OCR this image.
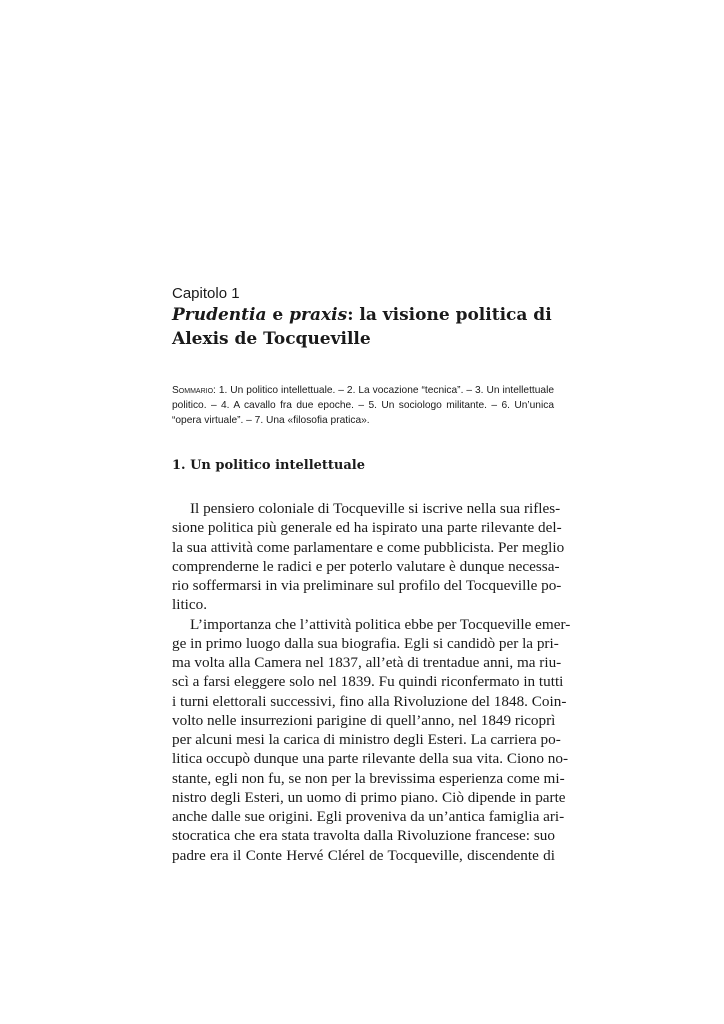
Capitolo 1
Prudentia e praxis: la visione politica di Alexis de Tocqueville

Sommario: 1. Un politico intellettuale. – 2. La vocazione “tecnica”. – 3. Un intellettuale politico. – 4. A cavallo fra due epoche. – 5. Un sociologo militante. – 6. Un’unica “opera virtuale”. – 7. Una «filosofia pratica».

1. Un politico intellettuale

Il pensiero coloniale di Tocqueville si iscrive nella sua rifles-
sione politica più generale ed ha ispirato una parte rilevante del-
la sua attività come parlamentare e come pubblicista. Per meglio
comprenderne le radici e per poterlo valutare è dunque necessa-
rio soffermarsi in via preliminare sul profilo del Tocqueville po-
litico.

L’importanza che l’attività politica ebbe per Tocqueville emer-
ge in primo luogo dalla sua biografia. Egli si candidò per la pri-
ma volta alla Camera nel 1837, all’età di trentadue anni, ma riu-
scì a farsi eleggere solo nel 1839. Fu quindi riconfermato in tutti
i turni elettorali successivi, fino alla Rivoluzione del 1848. Coin-
volto nelle insurrezioni parigine di quell’anno, nel 1849 ricoprì
per alcuni mesi la carica di ministro degli Esteri. La carriera po-
litica occupò dunque una parte rilevante della sua vita. Ciono no-
stante, egli non fu, se non per la brevissima esperienza come mi-
nistro degli Esteri, un uomo di primo piano. Ciò dipende in parte
anche dalle sue origini. Egli proveniva da un’antica famiglia ari-
stocratica che era stata travolta dalla Rivoluzione francese: suo
padre era il Conte Hervé Clérel de Tocqueville, discendente di
